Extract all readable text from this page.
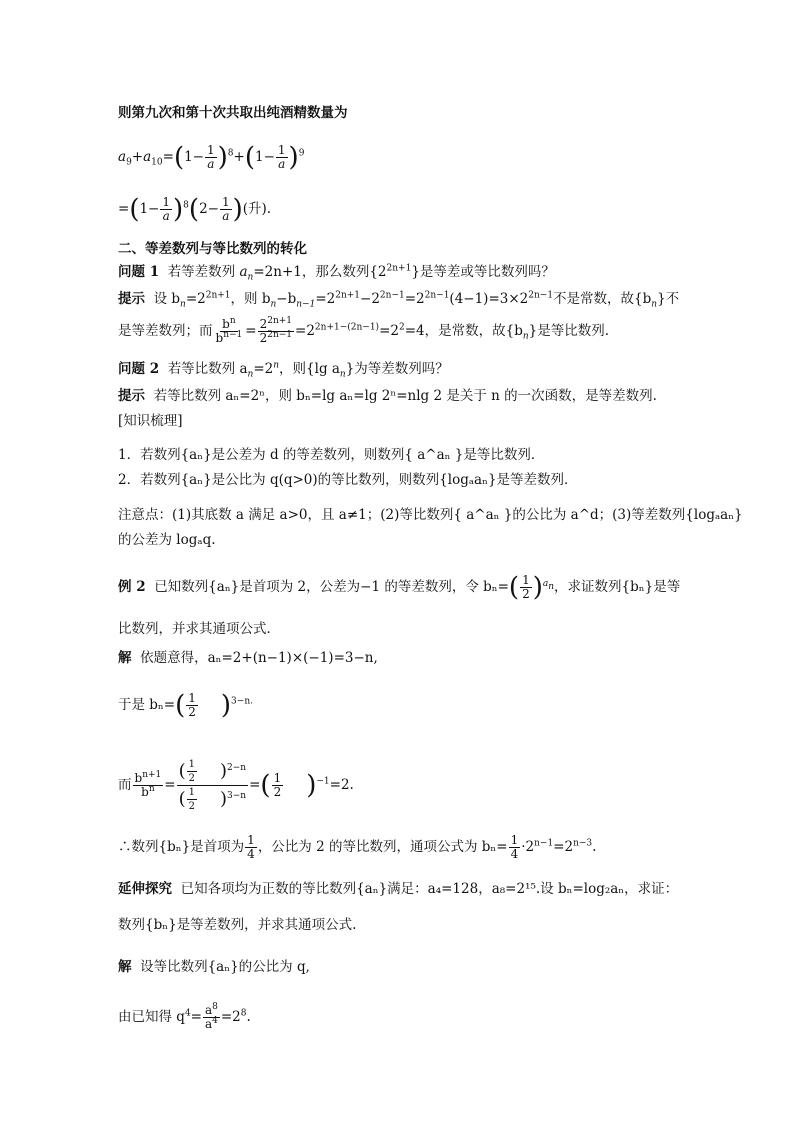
则第九次和第十次共取出纯酒精数量为
$a_9+a_{10}=(1- \frac{1}{a} )^8+(1- \frac{1}{a} )^9$
$=(1- \frac{1}{a} )^8(2- \frac{1}{a}$ )(升).
二、等差数列与等比数列的转化
问题 1 若等差数列 $a_n=2n+1$，那么数列$\{2^{2n+1}\}$是等差或等比数列吗？
提示 设 $b_n=2^{2n+1}$，则 $b_n-b_{n-1}=2^{2n+1}-2^{2n-1}=2^{2n-1}(4-1)=3\times 2^{2n-1}$不是常数，故$\{b_n\}$不
是等差数列；而 $\frac{b^n}{b^{n-1}} = \frac{2^{2n+1}}{2^{2n-1}} =2^{2n+1-(2n-1)}=2^2=4$，是常数，故$\{b_n\}$是等比数列.
问题 2 若等比数列 $a_n=2^n$，则{lg $a_n$}为等差数列吗？
提示 若等比数列 aₙ=2ⁿ，则 bₙ=lg aₙ=lg 2ⁿ=nlg 2 是关于 n 的一次函数，是等差数列.
[知识梳理]
1．若数列{aₙ}是公差为 d 的等差数列，则数列{ a^aₙ }是等比数列．
2．若数列{aₙ}是公比为 q(q>0)的等比数列，则数列{logₐaₙ}是等差数列．
注意点：(1)其底数 a 满足 a>0，且 a≠1；(2)等比数列{ a^aₙ }的公比为 a^d；(3)等差数列{logₐaₙ}
的公差为 logₐq.
例 2 已知数列{aₙ}是首项为 2，公差为−1 的等差数列，令 $b_n=( \frac{1}{2} )^{a_n}$，求证数列{bₙ}是等
比数列，并求其通项公式．
解 依题意得，aₙ=2+(n−1)×(−1)=3−n,
于是 $b_n=( \frac{1}{2} )^{3-n.}$
而 $\frac{b^{n+1}}{b^n} = \frac{( \frac{1}{2} )^{2-n}}{( \frac{1}{2} )^{3-n}}$ =( $\frac{1}{2} )^{-1}=2$.
∴数列{bₙ}是首项为 $\frac{1}{4}$ ，公比为 2 的等比数列，通项公式为 $b_n= \frac{1}{4} \cdot 2^{n-1}=2^{n-3}$.
延伸探究 已知各项均为正数的等比数列{aₙ}满足：a₄=128，a₈=2¹⁵.设 bₙ=log₂aₙ，求证：
数列{bₙ}是等差数列，并求其通项公式.
解 设等比数列{aₙ}的公比为 q,
由已知得 $q^4= \frac{a^8}{a^4} =2^8$.
